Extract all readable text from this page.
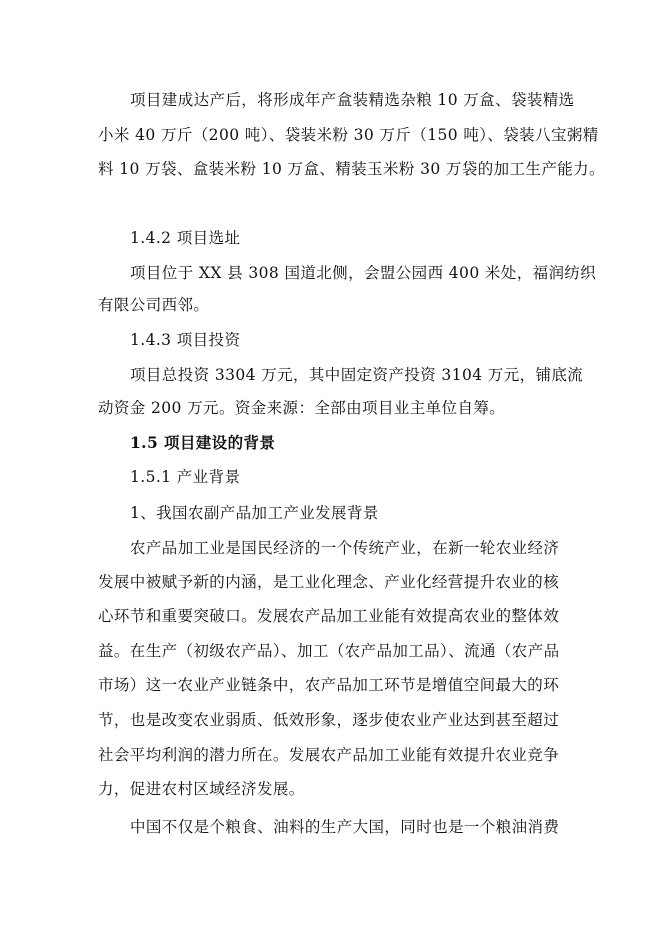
项目建成达产后，将形成年产盒装精选杂粮 10 万盒、袋装精选
小米 40 万斤（200 吨）、袋装米粉 30 万斤（150 吨）、袋装八宝粥精
料 10 万袋、盒装米粉 10 万盒、精装玉米粉 30 万袋的加工生产能力。
1.4.2 项目选址
项目位于 XX 县 308 国道北侧，会盟公园西 400 米处，福润纺织
有限公司西邻。
1.4.3 项目投资
项目总投资 3304 万元，其中固定资产投资 3104 万元，铺底流
动资金 200 万元。资金来源：全部由项目业主单位自筹。
1.5 项目建设的背景
1.5.1 产业背景
1、我国农副产品加工产业发展背景
农产品加工业是国民经济的一个传统产业，在新一轮农业经济
发展中被赋予新的内涵，是工业化理念、产业化经营提升农业的核
心环节和重要突破口。发展农产品加工业能有效提高农业的整体效
益。在生产（初级农产品）、加工（农产品加工品）、流通（农产品
市场）这一农业产业链条中，农产品加工环节是增值空间最大的环
节，也是改变农业弱质、低效形象，逐步使农业产业达到甚至超过
社会平均利润的潜力所在。发展农产品加工业能有效提升农业竞争
力，促进农村区域经济发展。
中国不仅是个粮食、油料的生产大国，同时也是一个粮油消费
